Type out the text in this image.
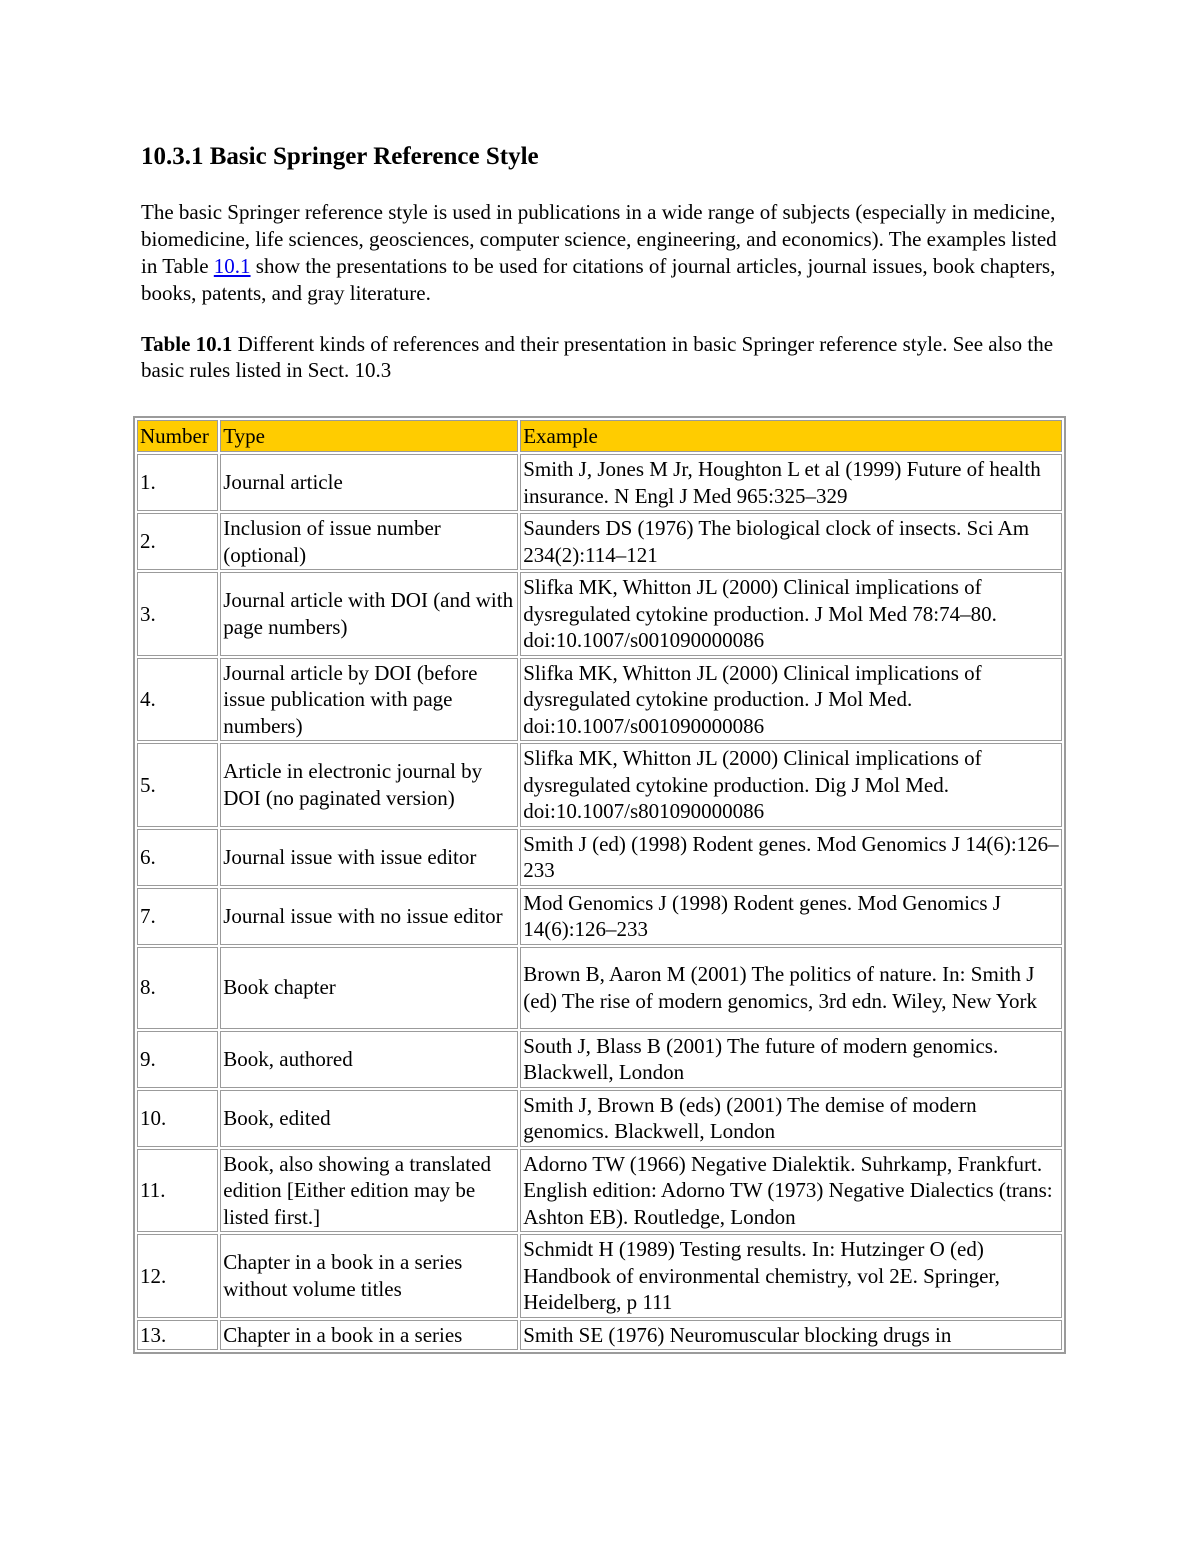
10.3.1 Basic Springer Reference Style

The basic Springer reference style is used in publications in a wide range of subjects (especially in medicine, biomedicine, life sciences, geosciences, computer science, engineering, and economics). The examples listed in Table 10.1 show the presentations to be used for citations of journal articles, journal issues, book chapters, books, patents, and gray literature.

Table 10.1 Different kinds of references and their presentation in basic Springer reference style. See also the basic rules listed in Sect. 10.3

Number	Type	Example
1.	Journal article	Smith J, Jones M Jr, Houghton L et al (1999) Future of health insurance. N Engl J Med 965:325–329
2.	Inclusion of issue number (optional)	Saunders DS (1976) The biological clock of insects. Sci Am 234(2):114–121
3.	Journal article with DOI (and with page numbers)	Slifka MK, Whitton JL (2000) Clinical implications of dysregulated cytokine production. J Mol Med 78:74–80. doi:10.1007/s001090000086
4.	Journal article by DOI (before issue publication with page numbers)	Slifka MK, Whitton JL (2000) Clinical implications of dysregulated cytokine production. J Mol Med. doi:10.1007/s001090000086
5.	Article in electronic journal by DOI (no paginated version)	Slifka MK, Whitton JL (2000) Clinical implications of dysregulated cytokine production. Dig J Mol Med. doi:10.1007/s801090000086
6.	Journal issue with issue editor	Smith J (ed) (1998) Rodent genes. Mod Genomics J 14(6):126–233
7.	Journal issue with no issue editor	Mod Genomics J (1998) Rodent genes. Mod Genomics J 14(6):126–233
8.	Book chapter	Brown B, Aaron M (2001) The politics of nature. In: Smith J (ed) The rise of modern genomics, 3rd edn. Wiley, New York
9.	Book, authored	South J, Blass B (2001) The future of modern genomics. Blackwell, London
10.	Book, edited	Smith J, Brown B (eds) (2001) The demise of modern genomics. Blackwell, London
11.	Book, also showing a translated edition [Either edition may be listed first.]	Adorno TW (1966) Negative Dialektik. Suhrkamp, Frankfurt. English edition: Adorno TW (1973) Negative Dialectics (trans: Ashton EB). Routledge, London
12.	Chapter in a book in a series without volume titles	Schmidt H (1989) Testing results. In: Hutzinger O (ed) Handbook of environmental chemistry, vol 2E. Springer, Heidelberg, p 111
13.	Chapter in a book in a series	Smith SE (1976) Neuromuscular blocking drugs in
